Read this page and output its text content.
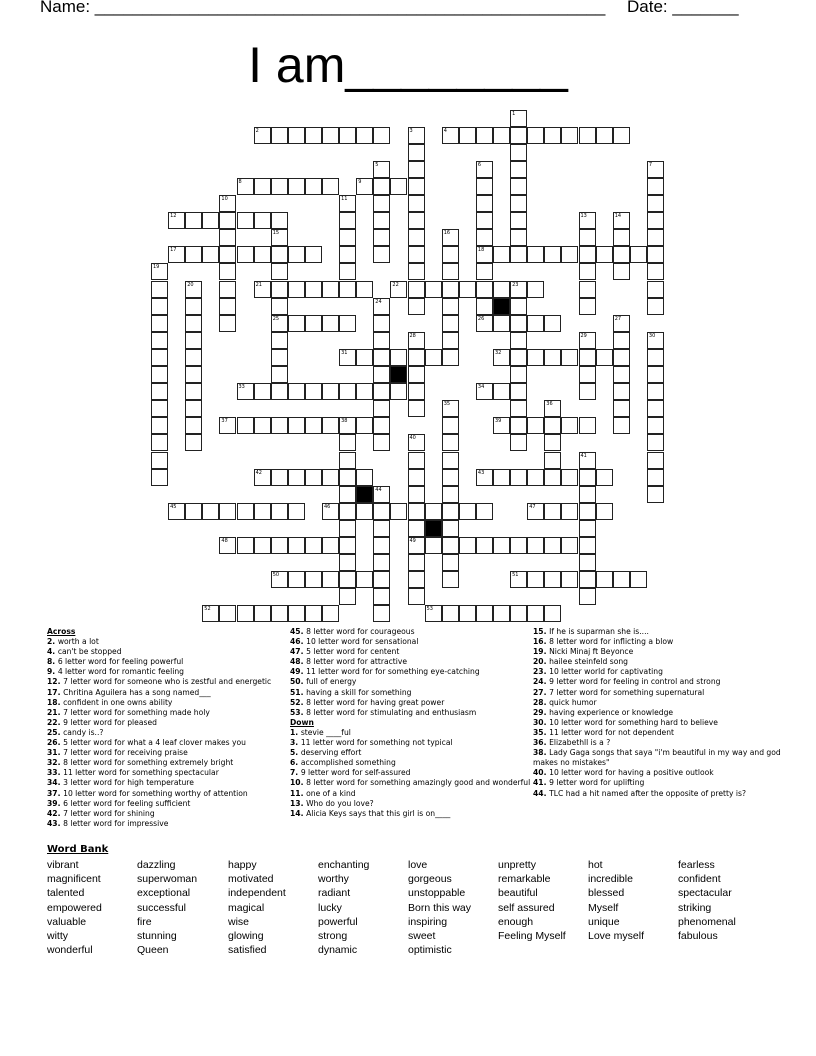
Name: ______________________________________________________ Date: _______
I am________
2	4
8	9
12
17	18
21	22	23
25	26
31	32
33	34
37	38	39
42	43
45	46	47
48	49
50	51
52	53
1
3
5	6	7
10	11
13	14
15	16
19
20
24
27
28	29	30
35	36
40
41
44
Across
2. worth a lot
4. can't be stopped
8. 6 letter word for feeling powerful
9. 4 letter word for romantic feeling
12. 7 letter word for someone who is zestful and energetic
17. Chritina Aguilera has a song named___
18. confident in one owns ability
21. 7 letter word for something made holy
22. 9 letter word for pleased
25. candy is..?
26. 5 letter word for what a 4 leaf clover makes you
31. 7 letter word for receiving praise
32. 8 letter word for something extremely bright
33. 11 letter word for something spectacular
34. 3 letter word for high temperature
37. 10 letter word for something worthy of attention
39. 6 letter word for feeling sufficient
42. 7 letter word for shining
43. 8 letter word for impressive
45. 8 letter word for courageous
46. 10 letter word for sensational
47. 5 letter word for centent
48. 8 letter word for attractive
49. 11 letter word for for something eye-catching
50. full of energy
51. having a skill for something
52. 8 letter word for having great power
53. 8 letter word for stimulating and enthusiasm
Down
1. stevie ____ful
3. 11 letter word for something not typical
5. deserving effort
6. accomplished something
7. 9 letter word for self-assured
10. 8 letter word for something amazingly good and wonderful
11. one of a kind
13. Who do you love?
14. Alicia Keys says that this girl is on____
15. If he is suparman she is....
16. 8 letter word for inflicting a blow
19. Nicki Minaj ft Beyonce
20. hailee steinfeld song
23. 10 letter world for captivating
24. 9 letter word for feeling in control and strong
27. 7 letter word for something supernatural
28. quick humor
29. having experience or knowledge
30. 10 letter word for something hard to believe
35. 11 letter word for not dependent
36. Elizabethll is a ?
38. Lady Gaga songs that saya "i'm beautiful in my way and god makes no mistakes"
40. 10 letter word for having a positive outlook
41. 9 letter word for uplifting
44. TLC had a hit named after the opposite of pretty is?
Word Bank
vibrant
magnificent
talented
empowered
valuable
witty
wonderful
dazzling
superwoman
exceptional
successful
fire
stunning
Queen
happy
motivated
independent
magical
wise
glowing
satisfied
enchanting
worthy
radiant
lucky
powerful
strong
dynamic
love
gorgeous
unstoppable
Born this way
inspiring
sweet
optimistic
unpretty
remarkable
beautiful
self assured
enough
Feeling Myself
hot
incredible
blessed
Myself
unique
Love myself
fearless
confident
spectacular
striking
phenomenal
fabulous
